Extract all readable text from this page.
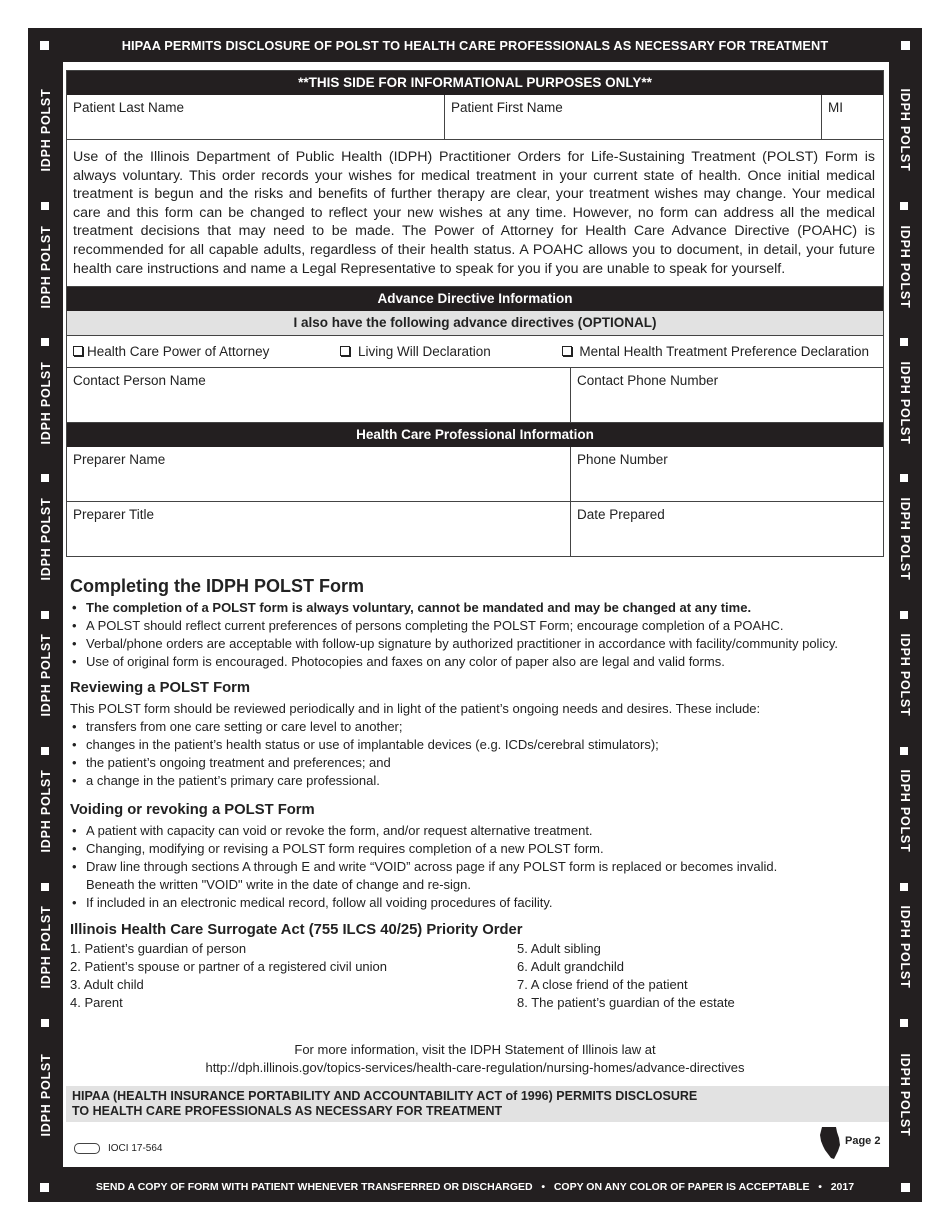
HIPAA PERMITS DISCLOSURE OF POLST TO HEALTH CARE PROFESSIONALS AS NECESSARY FOR TREATMENT
IDPH POLST
IDPH POLST
IDPH POLST
IDPH POLST
IDPH POLST
IDPH POLST
IDPH POLST
IDPH POLST
IDPH POLST
IDPH POLST
IDPH POLST
IDPH POLST
IDPH POLST
IDPH POLST
IDPH POLST
IDPH POLST
**THIS SIDE FOR INFORMATIONAL PURPOSES ONLY**
Patient Last Name	Patient First Name	MI
Use of the Illinois Department of Public Health (IDPH) Practitioner Orders for Life-Sustaining Treatment (POLST) Form is always voluntary. This order records your wishes for medical treatment in your current state of health. Once initial medical treatment is begun and the risks and benefits of further therapy are clear, your treatment wishes may change. Your medical care and this form can be changed to reflect your new wishes at any time. However, no form can address all the medical treatment decisions that may need to be made. The Power of Attorney for Health Care Advance Directive (POAHC) is recommended for all capable adults, regardless of their health status. A POAHC allows you to document, in detail, your future health care instructions and name a Legal Representative to speak for you if you are unable to speak for yourself.
Advance Directive Information
I also have the following advance directives (OPTIONAL)
Health Care Power of Attorney	Living Will Declaration	Mental Health Treatment Preference Declaration
Contact Person Name	Contact Phone Number
Health Care Professional Information
Preparer Name	Phone Number
Preparer Title	Date Prepared
Completing the IDPH POLST Form
• The completion of a POLST form is always voluntary, cannot be mandated and may be changed at any time.
• A POLST should reflect current preferences of persons completing the POLST Form; encourage completion of a POAHC.
• Verbal/phone orders are acceptable with follow-up signature by authorized practitioner in accordance with facility/community policy.
• Use of original form is encouraged. Photocopies and faxes on any color of paper also are legal and valid forms.
Reviewing a POLST Form

This POLST form should be reviewed periodically and in light of the patient’s ongoing needs and desires. These include:

• transfers from one care setting or care level to another;
• changes in the patient’s health status or use of implantable devices (e.g. ICDs/cerebral stimulators);
• the patient’s ongoing treatment and preferences; and
• a change in the patient’s primary care professional.
Voiding or revoking a POLST Form
• A patient with capacity can void or revoke the form, and/or request alternative treatment.
• Changing, modifying or revising a POLST form requires completion of a new POLST form.
• Draw line through sections A through E and write “VOID” across page if any POLST form is replaced or becomes invalid.
Beneath the written "VOID" write in the date of change and re-sign.
• If included in an electronic medical record, follow all voiding procedures of facility.
Illinois Health Care Surrogate Act (755 ILCS 40/25) Priority Order
1. Patient’s guardian of person	5. Adult sibling
2. Patient’s spouse or partner of a registered civil union	6. Adult grandchild
3. Adult child	7. A close friend of the patient
4. Parent	8. The patient’s guardian of the estate
For more information, visit the IDPH Statement of Illinois law at
http://dph.illinois.gov/topics-services/health-care-regulation/nursing-homes/advance-directives
HIPAA (HEALTH INSURANCE PORTABILITY AND ACCOUNTABILITY ACT of 1996) PERMITS DISCLOSURE
TO HEALTH CARE PROFESSIONALS AS NECESSARY FOR TREATMENT
IOCI 17-564
Page 2
SEND A COPY OF FORM WITH PATIENT WHENEVER TRANSFERRED OR DISCHARGED   •   COPY ON ANY COLOR OF PAPER IS ACCEPTABLE   •   2017
